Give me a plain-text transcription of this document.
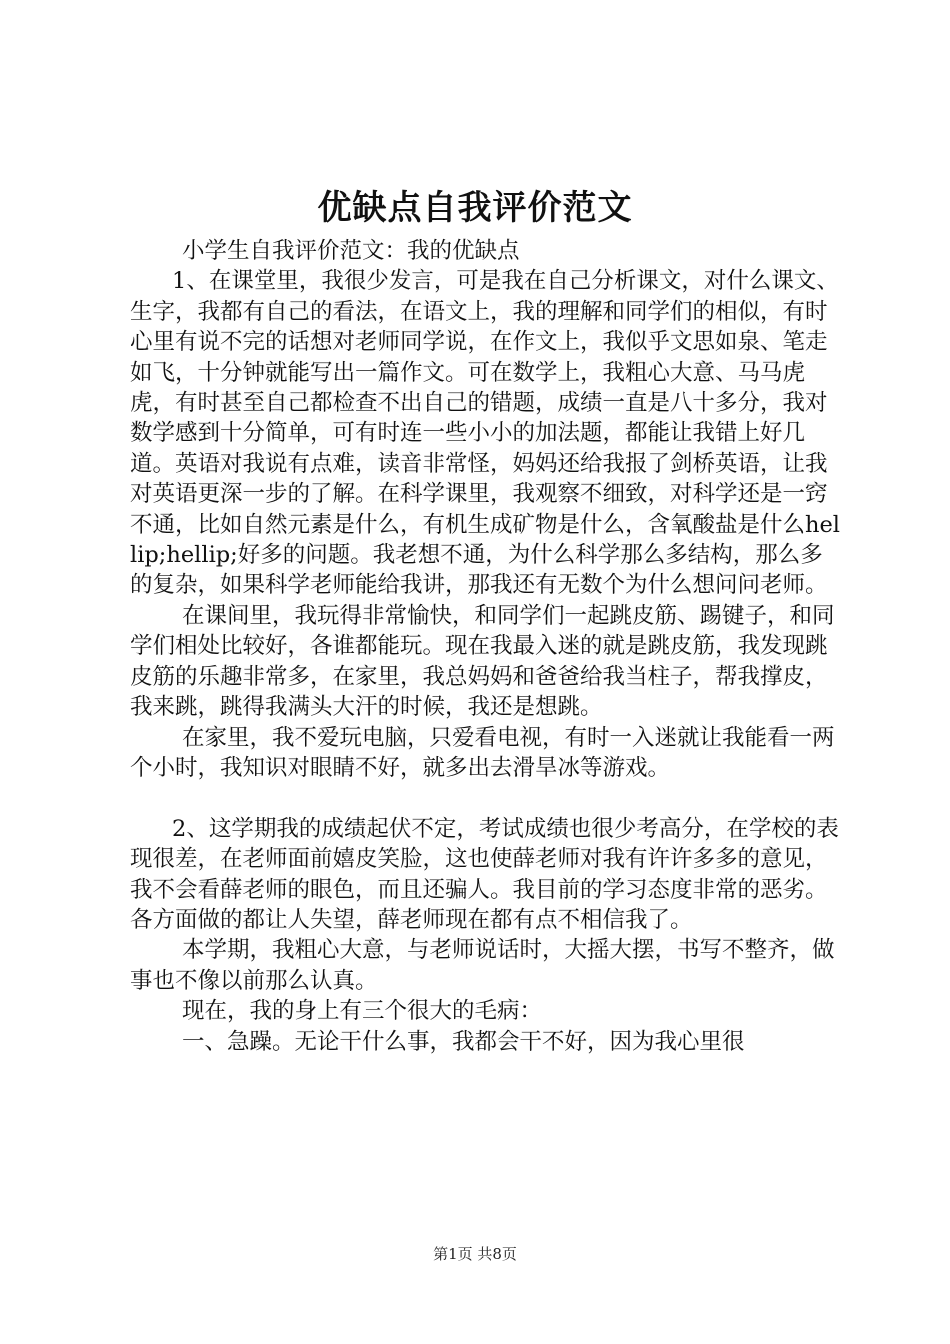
优缺点自我评价范文

小学生自我评价范文：我的优缺点

1、在课堂里，我很少发言，可是我在自己分析课文，对什么课文、生字，我都有自己的看法，在语文上，我的理解和同学们的相似，有时心里有说不完的话想对老师同学说，在作文上，我似乎文思如泉、笔走如飞，十分钟就能写出一篇作文。可在数学上，我粗心大意、马马虎虎，有时甚至自己都检查不出自己的错题，成绩一直是八十多分，我对数学感到十分简单，可有时连一些小小的加法题，都能让我错上好几道。英语对我说有点难，读音非常怪，妈妈还给我报了剑桥英语，让我对英语更深一步的了解。在科学课里，我观察不细致，对科学还是一窍不通，比如自然元素是什么，有机生成矿物是什么，含氧酸盐是什么hellip;hellip;好多的问题。我老想不通，为什么科学那么多结构，那么多的复杂，如果科学老师能给我讲，那我还有无数个为什么想问问老师。

在课间里，我玩得非常愉快，和同学们一起跳皮筋、踢键子，和同学们相处比较好，各谁都能玩。现在我最入迷的就是跳皮筋，我发现跳皮筋的乐趣非常多，在家里，我总妈妈和爸爸给我当柱子，帮我撑皮，我来跳，跳得我满头大汗的时候，我还是想跳。

在家里，我不爱玩电脑，只爱看电视，有时一入迷就让我能看一两个小时，我知识对眼睛不好，就多出去滑旱冰等游戏。

2、这学期我的成绩起伏不定，考试成绩也很少考高分，在学校的表现很差，在老师面前嬉皮笑脸，这也使薛老师对我有许许多多的意见，我不会看薛老师的眼色，而且还骗人。我目前的学习态度非常的恶劣。各方面做的都让人失望，薛老师现在都有点不相信我了。

本学期，我粗心大意，与老师说话时，大摇大摆，书写不整齐，做事也不像以前那么认真。

现在，我的身上有三个很大的毛病：

一、急躁。无论干什么事，我都会干不好，因为我心里很

第1页 共8页
